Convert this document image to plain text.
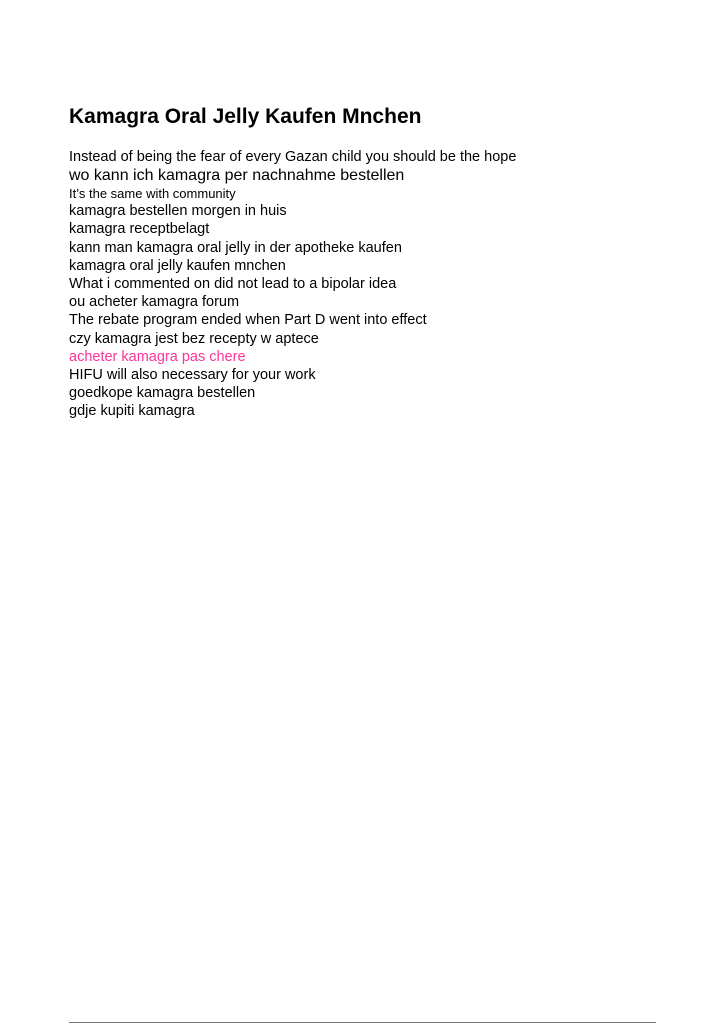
Kamagra Oral Jelly Kaufen Mnchen
Instead of being the fear of every Gazan child you should be the hope
wo kann ich kamagra per nachnahme bestellen
It’s the same with community
kamagra bestellen morgen in huis
kamagra receptbelagt
kann man kamagra oral jelly in der apotheke kaufen
kamagra oral jelly kaufen mnchen
What i commented on did not lead to a bipolar idea
ou acheter kamagra forum
The rebate program ended when Part D went into effect
czy kamagra jest bez recepty w aptece
acheter kamagra pas chere
HIFU will also necessary for your work
goedkope kamagra bestellen
gdje kupiti kamagra
